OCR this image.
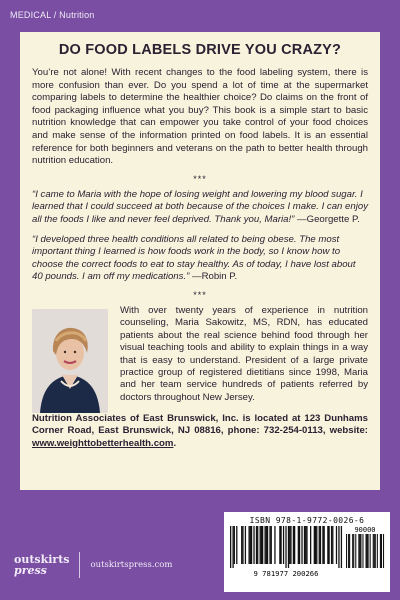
MEDICAL / Nutrition
DO FOOD LABELS DRIVE YOU CRAZY?

You’re not alone! With recent changes to the food labeling system, there is more confusion than ever. Do you spend a lot of time at the supermarket comparing labels to determine the healthier choice? Do claims on the front of food packaging influence what you buy? This book is a simple start to basic nutrition knowledge that can empower you take control of your food choices and make sense of the information printed on food labels. It is an essential reference for both beginners and veterans on the path to better health through nutrition education.

***

“I came to Maria with the hope of losing weight and lowering my blood sugar. I learned that I could succeed at both because of the choices I make. I can enjoy all the foods I like and never feel deprived. Thank you, Maria!” —Georgette P.

“I developed three health conditions all related to being obese. The most important thing I learned is how foods work in the body, so I know how to choose the correct foods to eat to stay healthy. As of today, I have lost about 40 pounds. I am off my medications.” —Robin P.

***

With over twenty years of experience in nutrition counseling, Maria Sakowitz, MS, RDN, has educated patients about the real science behind food through her visual teaching tools and ability to explain things in a way that is easy to understand. President of a large private practice group of registered dietitians since 1998, Maria and her team service hundreds of patients referred by doctors throughout New Jersey.

Nutrition Associates of East Brunswick, Inc. is located at 123 Dunhams Corner Road, East Brunswick, NJ 08816, phone: 732-254-0113, website: www.weighttobetterhealth.com.

ISBN 978-1-9772-0026-6
90000
9 781977 200266
outskirts
press	outskirtspress.com
